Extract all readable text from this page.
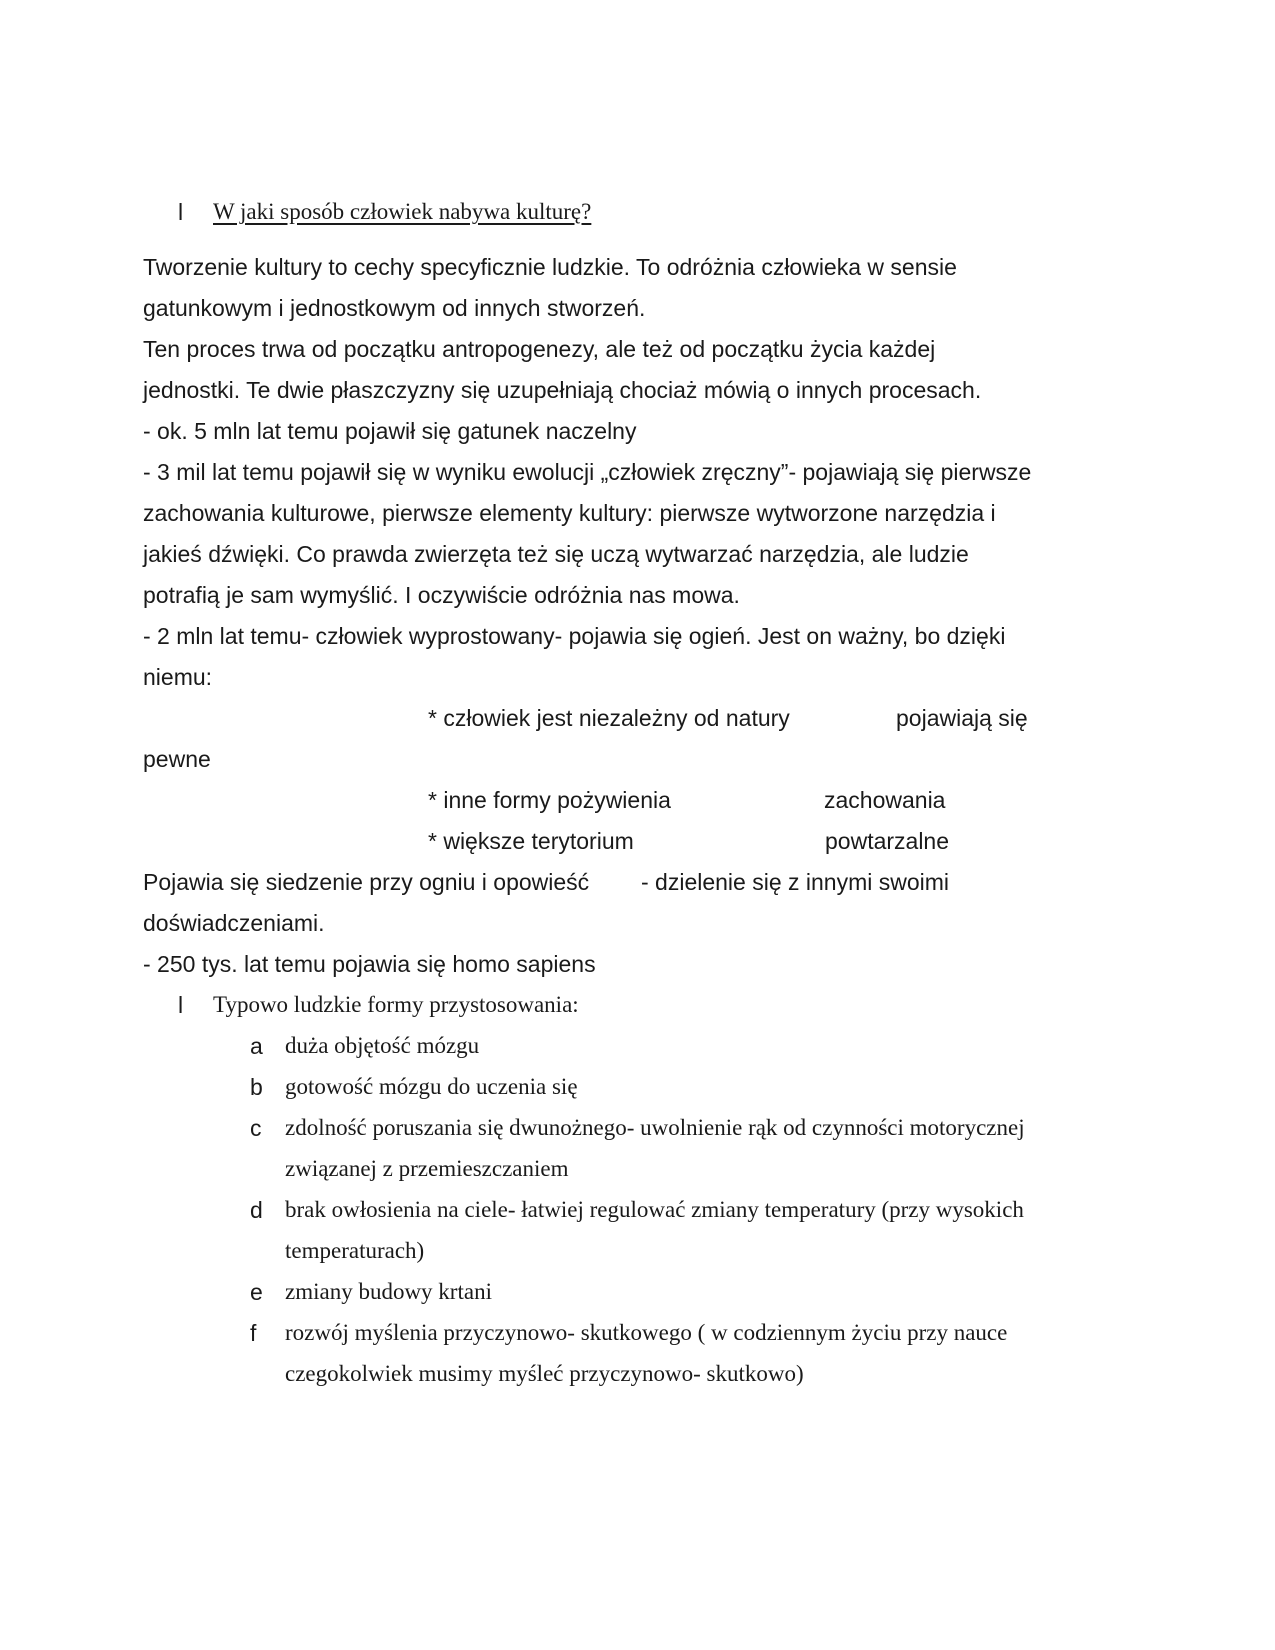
l W jaki sposób człowiek nabywa kulturę?
Tworzenie kultury to cechy specyficznie ludzkie. To odróżnia człowieka w sensie
gatunkowym i jednostkowym od innych stworzeń.
Ten proces trwa od początku antropogenezy, ale też od początku życia każdej
jednostki. Te dwie płaszczyzny się uzupełniają chociaż mówią o innych procesach.
- ok. 5 mln lat temu pojawił się gatunek naczelny
- 3 mil lat temu pojawił się w wyniku ewolucji „człowiek zręczny”- pojawiają się pierwsze
zachowania kulturowe, pierwsze elementy kultury: pierwsze wytworzone narzędzia i
jakieś dźwięki. Co prawda zwierzęta też się uczą wytwarzać narzędzia, ale ludzie
potrafią je sam wymyślić. I oczywiście odróżnia nas mowa.
- 2 mln lat temu- człowiek wyprostowany- pojawia się ogień. Jest on ważny, bo dzięki
niemu:
* człowiek jest niezależny od natury	pojawiają się
pewne
* inne formy pożywienia	zachowania
* większe terytorium	powtarzalne
Pojawia się siedzenie przy ogniu i opowieść - dzielenie się z innymi swoimi
doświadczeniami.
- 250 tys. lat temu pojawia się homo sapiens
l Typowo ludzkie formy przystosowania:
a duża objętość mózgu
b gotowość mózgu do uczenia się
c zdolność poruszania się dwunożnego- uwolnienie rąk od czynności motorycznej
związanej z przemieszczaniem
d brak owłosienia na ciele- łatwiej regulować zmiany temperatury (przy wysokich
temperaturach)
e zmiany budowy krtani
f rozwój myślenia przyczynowo- skutkowego ( w codziennym życiu przy nauce
czegokolwiek musimy myśleć przyczynowo- skutkowo)
